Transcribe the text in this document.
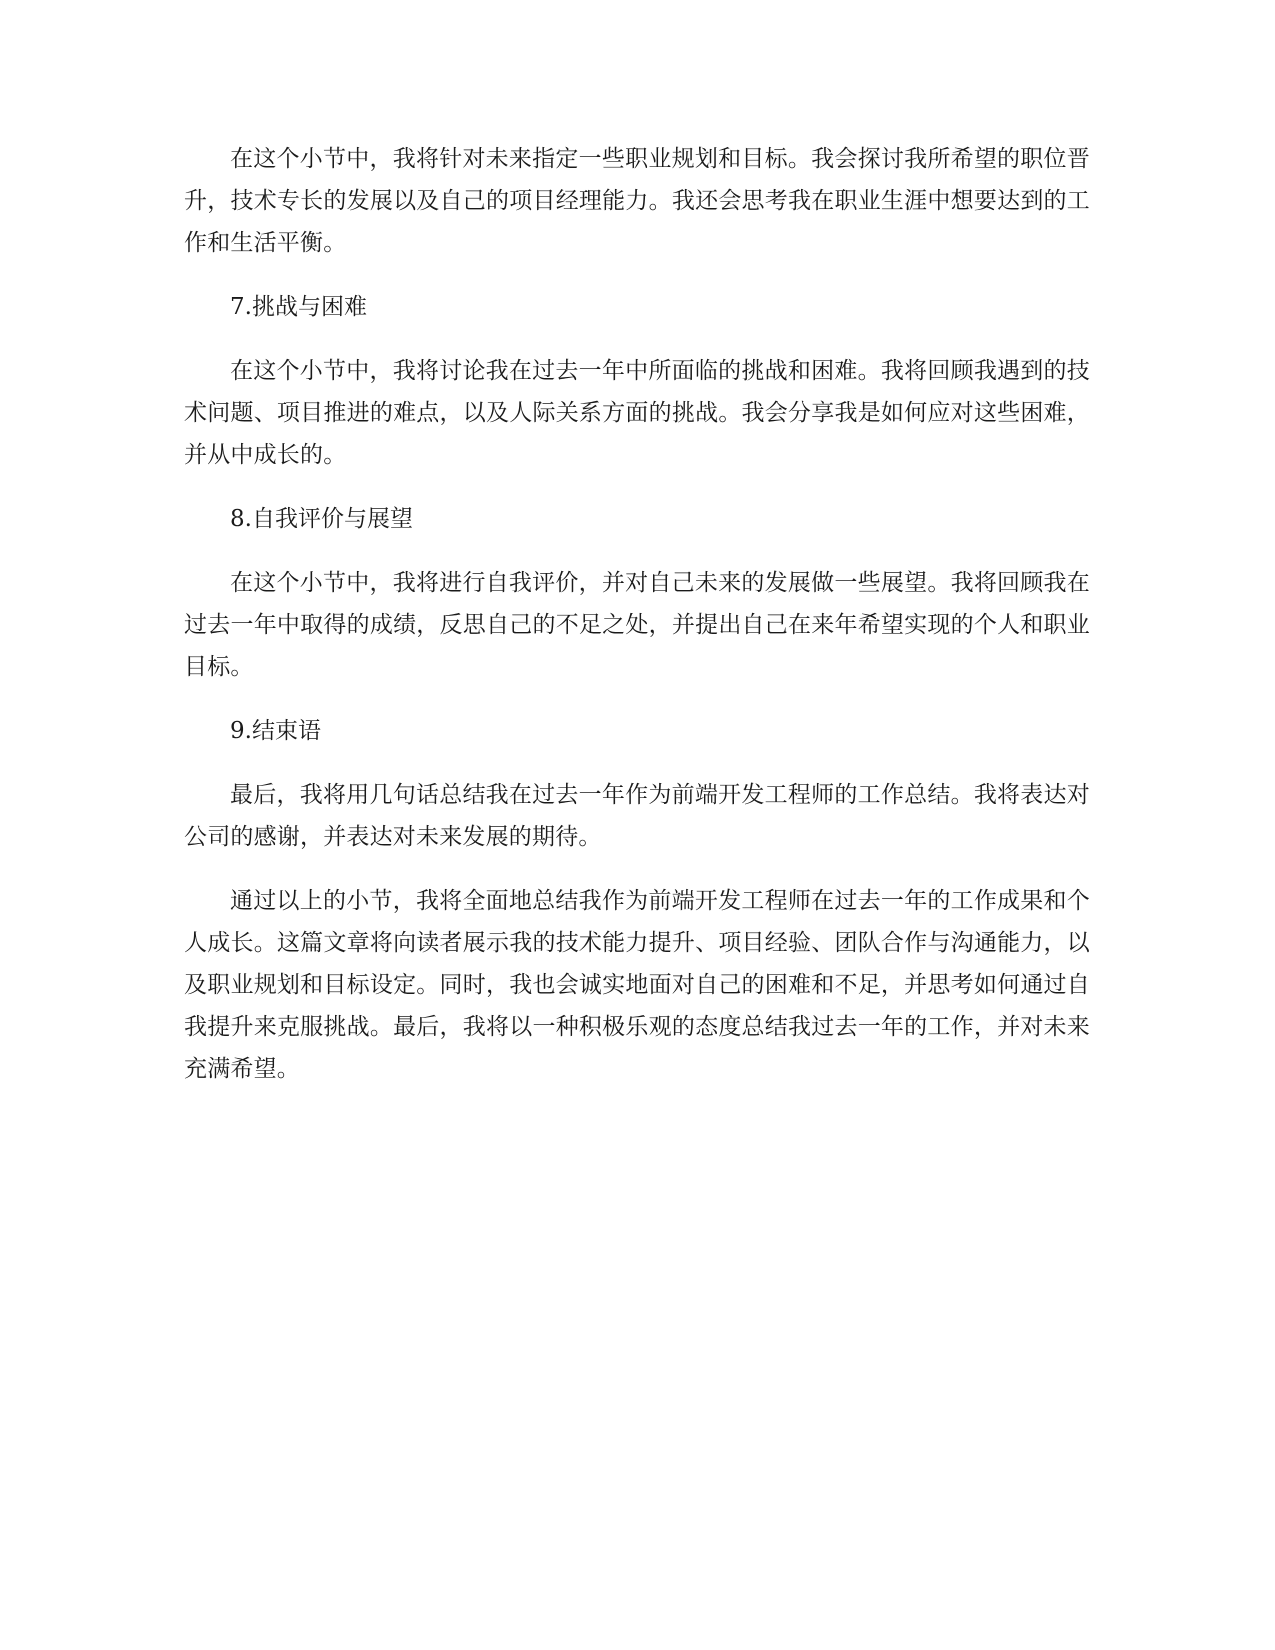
在这个小节中，我将针对未来指定一些职业规划和目标。我会探讨我所希望的职位晋升，技术专长的发展以及自己的项目经理能力。我还会思考我在职业生涯中想要达到的工作和生活平衡。

7.挑战与困难

在这个小节中，我将讨论我在过去一年中所面临的挑战和困难。我将回顾我遇到的技术问题、项目推进的难点，以及人际关系方面的挑战。我会分享我是如何应对这些困难，并从中成长的。

8.自我评价与展望

在这个小节中，我将进行自我评价，并对自己未来的发展做一些展望。我将回顾我在过去一年中取得的成绩，反思自己的不足之处，并提出自己在来年希望实现的个人和职业目标。

9.结束语

最后，我将用几句话总结我在过去一年作为前端开发工程师的工作总结。我将表达对公司的感谢，并表达对未来发展的期待。

通过以上的小节，我将全面地总结我作为前端开发工程师在过去一年的工作成果和个人成长。这篇文章将向读者展示我的技术能力提升、项目经验、团队合作与沟通能力，以及职业规划和目标设定。同时，我也会诚实地面对自己的困难和不足，并思考如何通过自我提升来克服挑战。最后，我将以一种积极乐观的态度总结我过去一年的工作，并对未来充满希望。
